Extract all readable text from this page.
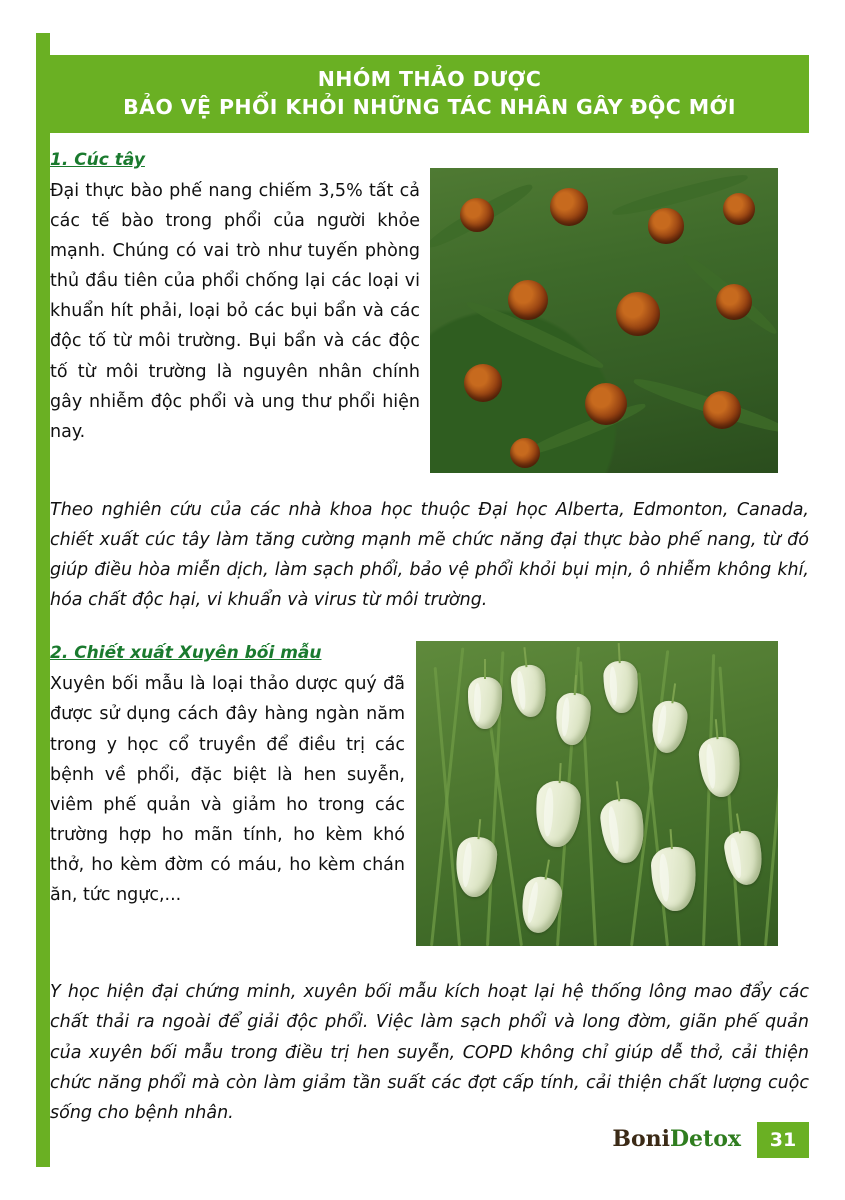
NHÓM THẢO DƯỢC
BẢO VỆ PHỔI KHỎI NHỮNG TÁC NHÂN GÂY ĐỘC MỚI
1. Cúc tây

Đại thực bào phế nang chiếm 3,5% tất cả các tế bào trong phổi của người khỏe mạnh. Chúng có vai trò như tuyến phòng thủ đầu tiên của phổi chống lại các loại vi khuẩn hít phải, loại bỏ các bụi bẩn và các độc tố từ môi trường. Bụi bẩn và các độc tố từ môi trường là nguyên nhân chính gây nhiễm độc phổi và ung thư phổi hiện nay.

Theo nghiên cứu của các nhà khoa học thuộc Đại học Alberta, Edmonton, Canada, chiết xuất cúc tây làm tăng cường mạnh mẽ chức năng đại thực bào phế nang, từ đó giúp điều hòa miễn dịch, làm sạch phổi, bảo vệ phổi khỏi bụi mịn, ô nhiễm không khí, hóa chất độc hại, vi khuẩn và virus từ môi trường.
2. Chiết xuất Xuyên bối mẫu

Xuyên bối mẫu là loại thảo dược quý đã được sử dụng cách đây hàng ngàn năm trong y học cổ truyền để điều trị các bệnh về phổi, đặc biệt là hen suyễn, viêm phế quản và giảm ho trong các trường hợp ho mãn tính, ho kèm khó thở, ho kèm đờm có máu, ho kèm chán ăn, tức ngực,...

Y học hiện đại chứng minh, xuyên bối mẫu kích hoạt lại hệ thống lông mao đẩy các chất thải ra ngoài để giải độc phổi. Việc làm sạch phổi và long đờm, giãn phế quản của xuyên bối mẫu trong điều trị hen suyễn, COPD không chỉ giúp dễ thở, cải thiện chức năng phổi mà còn làm giảm tần suất các đợt cấp tính, cải thiện chất lượng cuộc sống cho bệnh nhân.
BoniDetox	31
